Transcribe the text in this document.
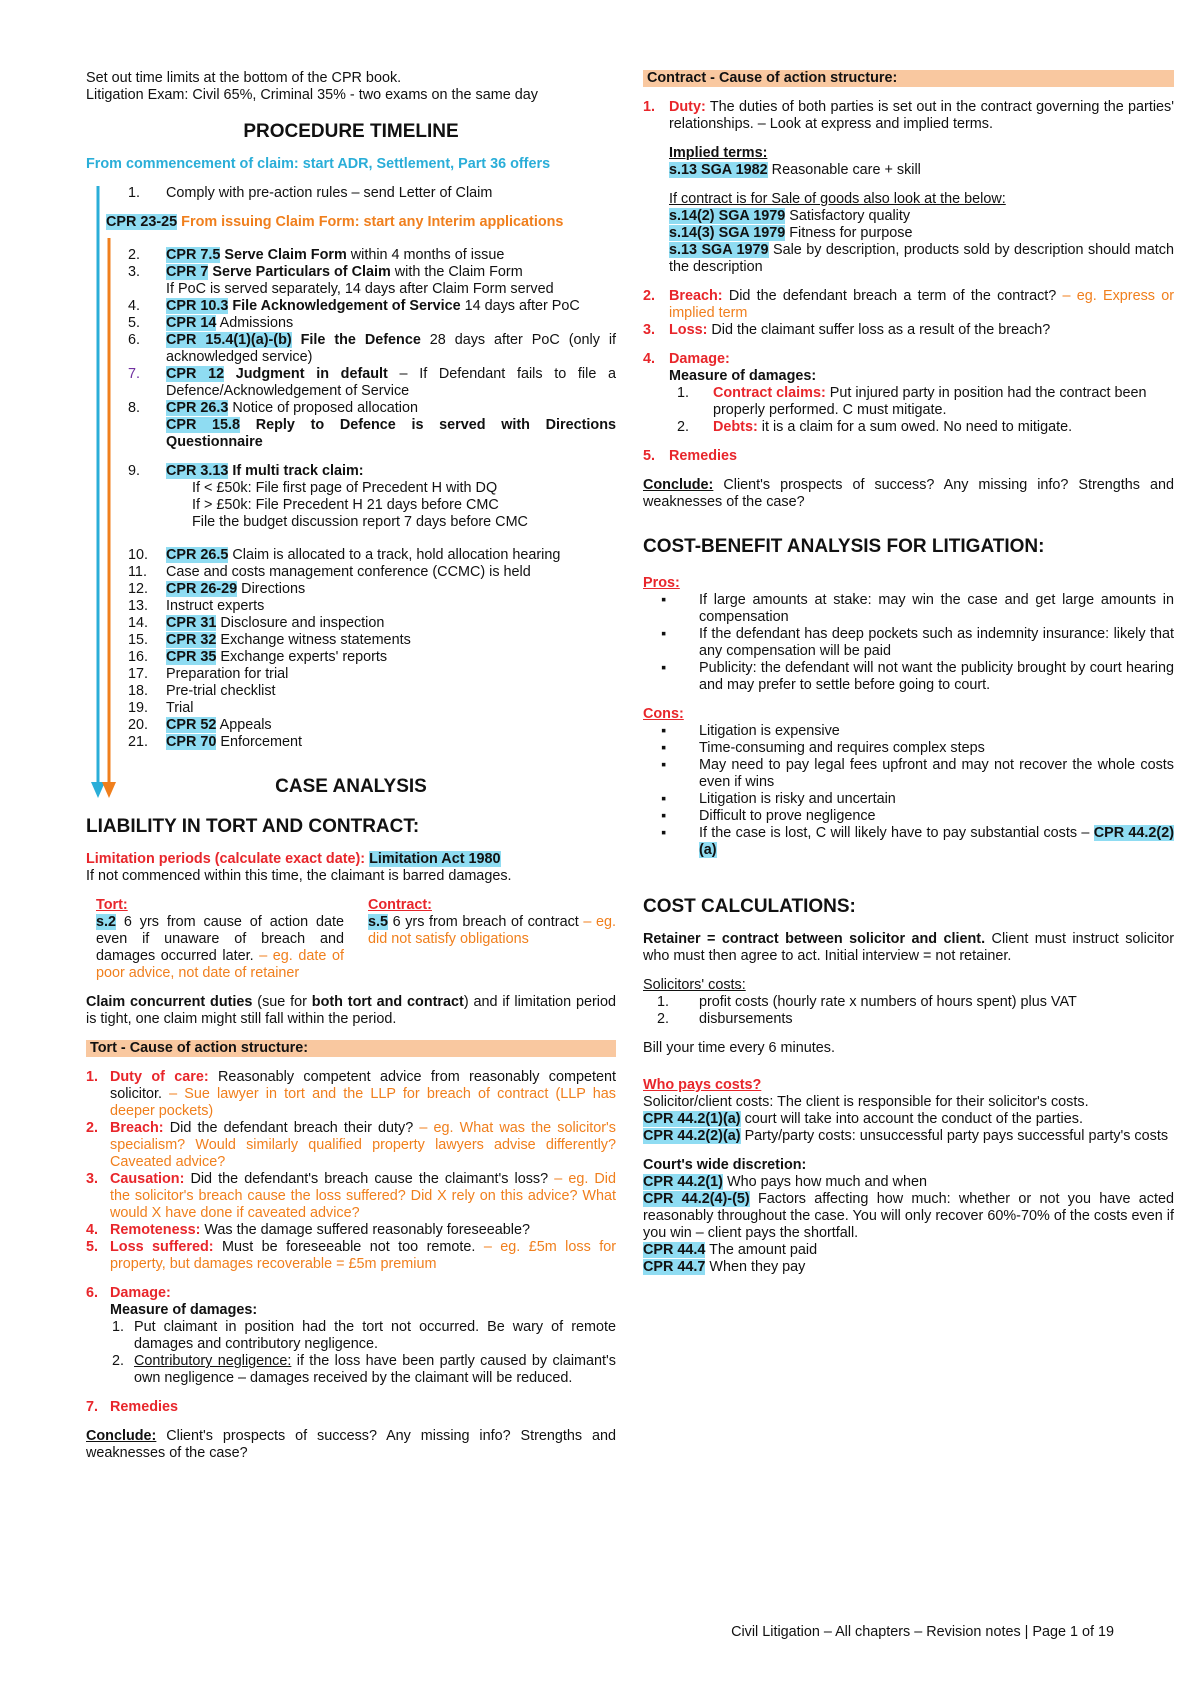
Set out time limits at the bottom of the CPR book.

Litigation Exam: Civil 65%, Criminal 35% - two exams on the same day

PROCEDURE TIMELINE

From commencement of claim: start ADR, Settlement, Part 36 offers

1. Comply with pre-action rules – send Letter of Claim

CPR 23-25 From issuing Claim Form: start any Interim applications

2. CPR 7.5 Serve Claim Form within 4 months of issue
3. CPR 7 Serve Particulars of Claim with the Claim Form
If PoC is served separately, 14 days after Claim Form served
4. CPR 10.3 File Acknowledgement of Service 14 days after PoC
5. CPR 14 Admissions
6. CPR 15.4(1)(a)-(b) File the Defence 28 days after PoC (only if acknowledged service)
7. CPR 12 Judgment in default – If Defendant fails to file a Defence/Acknowledgement of Service
8. CPR 26.3 Notice of proposed allocation
CPR 15.8 Reply to Defence is served with Directions Questionnaire
9. CPR 3.13 If multi track claim:

If < £50k: File first page of Precedent H with DQ

If > £50k: File Precedent H 21 days before CMC

File the budget discussion report 7 days before CMC

10. CPR 26.5 Claim is allocated to a track, hold allocation hearing
11. Case and costs management conference (CCMC) is held
12. CPR 26-29 Directions
13. Instruct experts
14. CPR 31 Disclosure and inspection
15. CPR 32 Exchange witness statements
16. CPR 35 Exchange experts' reports
17. Preparation for trial
18. Pre-trial checklist
19. Trial
20. CPR 52 Appeals
21. CPR 70 Enforcement
CASE ANALYSIS
LIABILITY IN TORT AND CONTRACT:

Limitation periods (calculate exact date): Limitation Act 1980

If not commenced within this time, the claimant is barred damages.

Tort:

s.2 6 yrs from cause of action date even if unaware of breach and damages occurred later. – eg. date of poor advice, not date of retainer

Contract:

s.5 6 yrs from breach of contract – eg. did not satisfy obligations

Claim concurrent duties (sue for both tort and contract) and if limitation period is tight, one claim might still fall within the period.

Tort - Cause of action structure:

1. Duty of care: Reasonably competent advice from reasonably competent solicitor. – Sue lawyer in tort and the LLP for breach of contract (LLP has deeper pockets)
2. Breach: Did the defendant breach their duty? – eg. What was the solicitor's specialism? Would similarly qualified property lawyers advise differently? Caveated advice?
3. Causation: Did the defendant's breach cause the claimant's loss? – eg. Did the solicitor's breach cause the loss suffered? Did X rely on this advice? What would X have done if caveated advice?
4. Remoteness: Was the damage suffered reasonably foreseeable?
5. Loss suffered: Must be foreseeable not too remote. – eg. £5m loss for property, but damages recoverable = £5m premium
6. Damage:

Measure of damages:

1. Put claimant in position had the tort not occurred. Be wary of remote damages and contributory negligence.

2. Contributory negligence: if the loss have been partly caused by claimant's own negligence – damages received by the claimant will be reduced.

7. Remedies

Conclude: Client's prospects of success? Any missing info? Strengths and weaknesses of the case?

Contract - Cause of action structure:

1. Duty: The duties of both parties is set out in the contract governing the parties' relationships. – Look at express and implied terms.

Implied terms:

s.13 SGA 1982 Reasonable care + skill

If contract is for Sale of goods also look at the below:

s.14(2) SGA 1979 Satisfactory quality

s.14(3) SGA 1979 Fitness for purpose

s.13 SGA 1979 Sale by description, products sold by description should match the description

2. Breach: Did the defendant breach a term of the contract? – eg. Express or implied term

3. Loss: Did the claimant suffer loss as a result of the breach?

4. Damage:

Measure of damages:

1. Contract claims: Put injured party in position had the contract been properly performed. C must mitigate.

2. Debts: it is a claim for a sum owed. No need to mitigate.

5. Remedies

Conclude: Client's prospects of success? Any missing info? Strengths and weaknesses of the case?

COST-BENEFIT ANALYSIS FOR LITIGATION:

Pros:

▪ If large amounts at stake: may win the case and get large amounts in compensation
▪ If the defendant has deep pockets such as indemnity insurance: likely that any compensation will be paid
▪ Publicity: the defendant will not want the publicity brought by court hearing and may prefer to settle before going to court.

Cons:

▪ Litigation is expensive
▪ Time-consuming and requires complex steps
▪ May need to pay legal fees upfront and may not recover the whole costs even if wins
▪ Litigation is risky and uncertain
▪ Difficult to prove negligence
▪ If the case is lost, C will likely have to pay substantial costs – CPR 44.2(2)(a)
COST CALCULATIONS:

Retainer = contract between solicitor and client. Client must instruct solicitor who must then agree to act. Initial interview = not retainer.

Solicitors' costs:

1. profit costs (hourly rate x numbers of hours spent) plus VAT
2. disbursements

Bill your time every 6 minutes.

Who pays costs?

Solicitor/client costs: The client is responsible for their solicitor's costs.

CPR 44.2(1)(a) court will take into account the conduct of the parties.

CPR 44.2(2)(a) Party/party costs: unsuccessful party pays successful party's costs

Court's wide discretion:

CPR 44.2(1) Who pays how much and when

CPR 44.2(4)-(5) Factors affecting how much: whether or not you have acted reasonably throughout the case. You will only recover 60%-70% of the costs even if you win – client pays the shortfall.

CPR 44.4 The amount paid

CPR 44.7 When they pay

Civil Litigation – All chapters – Revision notes | Page 1 of 19
